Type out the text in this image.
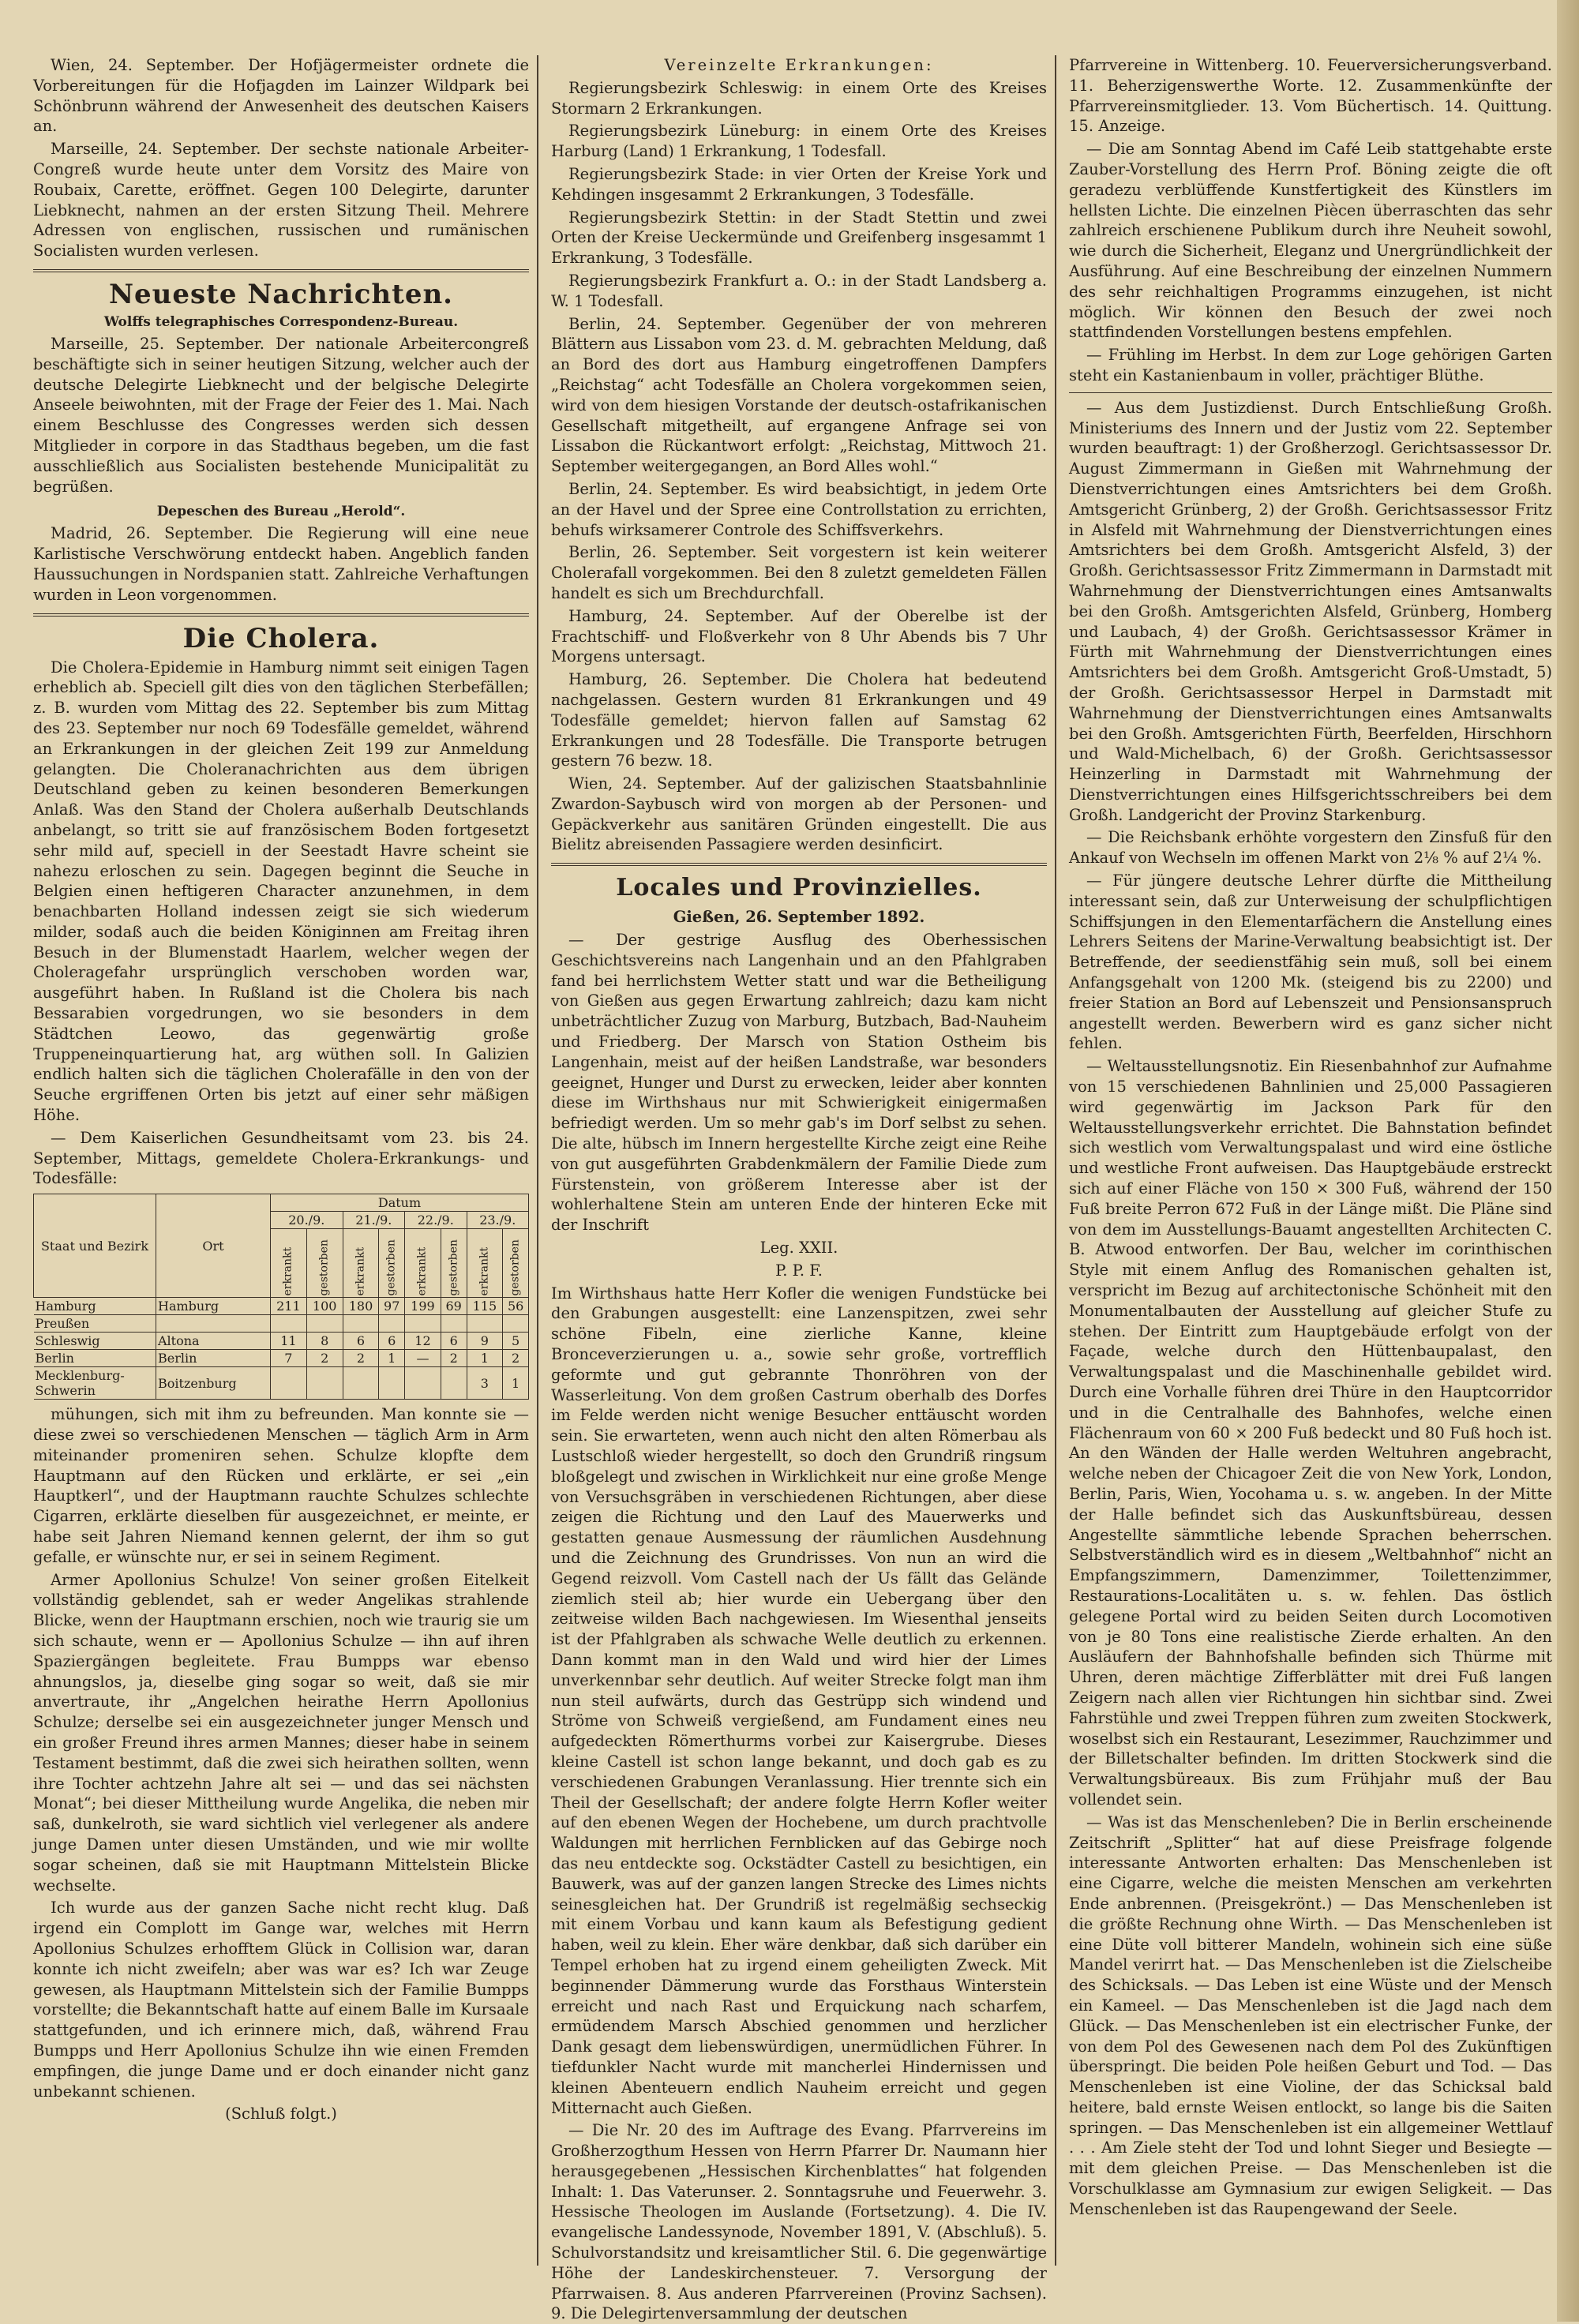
Wien, 24. September. Der Hofjägermeister ordnete die Vorbereitungen für die Hofjagden im Lainzer Wildpark bei Schönbrunn während der Anwesenheit des deutschen Kaisers an.

Marseille, 24. September. Der sechste nationale Arbeiter-Congreß wurde heute unter dem Vorsitz des Maire von Roubaix, Carette, eröffnet. Gegen 100 Delegirte, darunter Liebknecht, nahmen an der ersten Sitzung Theil. Mehrere Adressen von englischen, russischen und rumänischen Socialisten wurden verlesen.

Neueste Nachrichten.
Wolffs telegraphisches Correspondenz-Bureau.

Marseille, 25. September. Der nationale Arbeitercongreß beschäftigte sich in seiner heutigen Sitzung, welcher auch der deutsche Delegirte Liebknecht und der belgische Delegirte Anseele beiwohnten, mit der Frage der Feier des 1. Mai. Nach einem Beschlusse des Congresses werden sich dessen Mitglieder in corpore in das Stadthaus begeben, um die fast ausschließlich aus Socialisten bestehende Municipalität zu begrüßen.

Depeschen des Bureau „Herold“.

Madrid, 26. September. Die Regierung will eine neue Karlistische Verschwörung entdeckt haben. Angeblich fanden Haussuchungen in Nordspanien statt. Zahlreiche Verhaftungen wurden in Leon vorgenommen.

Die Cholera.

Die Cholera-Epidemie in Hamburg nimmt seit einigen Tagen erheblich ab. Speciell gilt dies von den täglichen Sterbefällen; z. B. wurden vom Mittag des 22. September bis zum Mittag des 23. September nur noch 69 Todesfälle gemeldet, während an Erkrankungen in der gleichen Zeit 199 zur Anmeldung gelangten. Die Choleranachrichten aus dem übrigen Deutschland geben zu keinen besonderen Bemerkungen Anlaß. Was den Stand der Cholera außerhalb Deutschlands anbelangt, so tritt sie auf französischem Boden fortgesetzt sehr mild auf, speciell in der Seestadt Havre scheint sie nahezu erloschen zu sein. Dagegen beginnt die Seuche in Belgien einen heftigeren Character anzunehmen, in dem benachbarten Holland indessen zeigt sie sich wiederum milder, sodaß auch die beiden Königinnen am Freitag ihren Besuch in der Blumenstadt Haarlem, welcher wegen der Choleragefahr ursprünglich verschoben worden war, ausgeführt haben. In Rußland ist die Cholera bis nach Bessarabien vorgedrungen, wo sie besonders in dem Städtchen Leowo, das gegenwärtig große Truppeneinquartierung hat, arg wüthen soll. In Galizien endlich halten sich die täglichen Cholerafälle in den von der Seuche ergriffenen Orten bis jetzt auf einer sehr mäßigen Höhe.

— Dem Kaiserlichen Gesundheitsamt vom 23. bis 24. September, Mittags, gemeldete Cholera-Erkrankungs- und Todesfälle:

Staat und Bezirk	Ort	Datum							
		20./9.		21./9.		22./9.		23./9.	
		erkrankt	gestorben	erkrankt	gestorben	erkrankt	gestorben	erkrankt	gestorben
Hamburg	Hamburg	211	100	180	97	199	69	115	56
Preußen									
Schleswig	Altona	11	8	6	6	12	6	9	5
Berlin	Berlin	7	2	2	1	—	2	1	2
Mecklenburg-Schwerin	Boitzenburg							3	1

mühungen, sich mit ihm zu befreunden. Man konnte sie — diese zwei so verschiedenen Menschen — täglich Arm in Arm miteinander promeniren sehen. Schulze klopfte dem Hauptmann auf den Rücken und erklärte, er sei „ein Hauptkerl“, und der Hauptmann rauchte Schulzes schlechte Cigarren, erklärte dieselben für ausgezeichnet, er meinte, er habe seit Jahren Niemand kennen gelernt, der ihm so gut gefalle, er wünschte nur, er sei in seinem Regiment.

Armer Apollonius Schulze! Von seiner großen Eitelkeit vollständig geblendet, sah er weder Angelikas strahlende Blicke, wenn der Hauptmann erschien, noch wie traurig sie um sich schaute, wenn er — Apollonius Schulze — ihn auf ihren Spaziergängen begleitete. Frau Bumpps war ebenso ahnungslos, ja, dieselbe ging sogar so weit, daß sie mir anvertraute, ihr „Angelchen heirathe Herrn Apollonius Schulze; derselbe sei ein ausgezeichneter junger Mensch und ein großer Freund ihres armen Mannes; dieser habe in seinem Testament bestimmt, daß die zwei sich heirathen sollten, wenn ihre Tochter achtzehn Jahre alt sei — und das sei nächsten Monat“; bei dieser Mittheilung wurde Angelika, die neben mir saß, dunkelroth, sie ward sichtlich viel verlegener als andere junge Damen unter diesen Umständen, und wie mir wollte sogar scheinen, daß sie mit Hauptmann Mittelstein Blicke wechselte.

Ich wurde aus der ganzen Sache nicht recht klug. Daß irgend ein Complott im Gange war, welches mit Herrn Apollonius Schulzes erhofftem Glück in Collision war, daran konnte ich nicht zweifeln; aber was war es? Ich war Zeuge gewesen, als Hauptmann Mittelstein sich der Familie Bumpps vorstellte; die Bekanntschaft hatte auf einem Balle im Kursaale stattgefunden, und ich erinnere mich, daß, während Frau Bumpps und Herr Apollonius Schulze ihn wie einen Fremden empfingen, die junge Dame und er doch einander nicht ganz unbekannt schienen.

(Schluß folgt.)

Vereinzelte Erkrankungen:

Regierungsbezirk Schleswig: in einem Orte des Kreises Stormarn 2 Erkrankungen.

Regierungsbezirk Lüneburg: in einem Orte des Kreises Harburg (Land) 1 Erkrankung, 1 Todesfall.

Regierungsbezirk Stade: in vier Orten der Kreise York und Kehdingen insgesammt 2 Erkrankungen, 3 Todesfälle.

Regierungsbezirk Stettin: in der Stadt Stettin und zwei Orten der Kreise Ueckermünde und Greifenberg insgesammt 1 Erkrankung, 3 Todesfälle.

Regierungsbezirk Frankfurt a. O.: in der Stadt Landsberg a. W. 1 Todesfall.

Berlin, 24. September. Gegenüber der von mehreren Blättern aus Lissabon vom 23. d. M. gebrachten Meldung, daß an Bord des dort aus Hamburg eingetroffenen Dampfers „Reichstag“ acht Todesfälle an Cholera vorgekommen seien, wird von dem hiesigen Vorstande der deutsch-ostafrikanischen Gesellschaft mitgetheilt, auf ergangene Anfrage sei von Lissabon die Rückantwort erfolgt: „Reichstag, Mittwoch 21. September weitergegangen, an Bord Alles wohl.“

Berlin, 24. September. Es wird beabsichtigt, in jedem Orte an der Havel und der Spree eine Controllstation zu errichten, behufs wirksamerer Controle des Schiffsverkehrs.

Berlin, 26. September. Seit vorgestern ist kein weiterer Cholerafall vorgekommen. Bei den 8 zuletzt gemeldeten Fällen handelt es sich um Brechdurchfall.

Hamburg, 24. September. Auf der Oberelbe ist der Frachtschiff- und Floßverkehr von 8 Uhr Abends bis 7 Uhr Morgens untersagt.

Hamburg, 26. September. Die Cholera hat bedeutend nachgelassen. Gestern wurden 81 Erkrankungen und 49 Todesfälle gemeldet; hiervon fallen auf Samstag 62 Erkrankungen und 28 Todesfälle. Die Transporte betrugen gestern 76 bezw. 18.

Wien, 24. September. Auf der galizischen Staatsbahnlinie Zwardon-Saybusch wird von morgen ab der Personen- und Gepäckverkehr aus sanitären Gründen eingestellt. Die aus Bielitz abreisenden Passagiere werden desinficirt.

Locales und Provinzielles.

Gießen, 26. September 1892.

— Der gestrige Ausflug des Oberhessischen Geschichtsvereins nach Langenhain und an den Pfahlgraben fand bei herrlichstem Wetter statt und war die Betheiligung von Gießen aus gegen Erwartung zahlreich; dazu kam nicht unbeträchtlicher Zuzug von Marburg, Butzbach, Bad-Nauheim und Friedberg. Der Marsch von Station Ostheim bis Langenhain, meist auf der heißen Landstraße, war besonders geeignet, Hunger und Durst zu erwecken, leider aber konnten diese im Wirthshaus nur mit Schwierigkeit einigermaßen befriedigt werden. Um so mehr gab's im Dorf selbst zu sehen. Die alte, hübsch im Innern hergestellte Kirche zeigt eine Reihe von gut ausgeführten Grabdenkmälern der Familie Diede zum Fürstenstein, von größerem Interesse aber ist der wohlerhaltene Stein am unteren Ende der hinteren Ecke mit der Inschrift

Leg. XXII.

P. P. F.

Im Wirthshaus hatte Herr Kofler die wenigen Fundstücke bei den Grabungen ausgestellt: eine Lanzenspitzen, zwei sehr schöne Fibeln, eine zierliche Kanne, kleine Bronceverzierungen u. a., sowie sehr große, vortrefflich geformte und gut gebrannte Thonröhren von der Wasserleitung. Von dem großen Castrum oberhalb des Dorfes im Felde werden nicht wenige Besucher enttäuscht worden sein. Sie erwarteten, wenn auch nicht den alten Römerbau als Lustschloß wieder hergestellt, so doch den Grundriß ringsum bloßgelegt und zwischen in Wirklichkeit nur eine große Menge von Versuchsgräben in verschiedenen Richtungen, aber diese zeigen die Richtung und den Lauf des Mauerwerks und gestatten genaue Ausmessung der räumlichen Ausdehnung und die Zeichnung des Grundrisses. Von nun an wird die Gegend reizvoll. Vom Castell nach der Us fällt das Gelände ziemlich steil ab; hier wurde ein Uebergang über den zeitweise wilden Bach nachgewiesen. Im Wiesenthal jenseits ist der Pfahlgraben als schwache Welle deutlich zu erkennen. Dann kommt man in den Wald und wird hier der Limes unverkennbar sehr deutlich. Auf weiter Strecke folgt man ihm nun steil aufwärts, durch das Gestrüpp sich windend und Ströme von Schweiß vergießend, am Fundament eines neu aufgedeckten Römerthurms vorbei zur Kaisergrube. Dieses kleine Castell ist schon lange bekannt, und doch gab es zu verschiedenen Grabungen Veranlassung. Hier trennte sich ein Theil der Gesellschaft; der andere folgte Herrn Kofler weiter auf den ebenen Wegen der Hochebene, um durch prachtvolle Waldungen mit herrlichen Fernblicken auf das Gebirge noch das neu entdeckte sog. Ockstädter Castell zu besichtigen, ein Bauwerk, was auf der ganzen langen Strecke des Limes nichts seinesgleichen hat. Der Grundriß ist regelmäßig sechseckig mit einem Vorbau und kann kaum als Befestigung gedient haben, weil zu klein. Eher wäre denkbar, daß sich darüber ein Tempel erhoben hat zu irgend einem geheiligten Zweck. Mit beginnender Dämmerung wurde das Forsthaus Winterstein erreicht und nach Rast und Erquickung nach scharfem, ermüdendem Marsch Abschied genommen und herzlicher Dank gesagt dem liebenswürdigen, unermüdlichen Führer. In tiefdunkler Nacht wurde mit mancherlei Hindernissen und kleinen Abenteuern endlich Nauheim erreicht und gegen Mitternacht auch Gießen.

— Die Nr. 20 des im Auftrage des Evang. Pfarrvereins im Großherzogthum Hessen von Herrn Pfarrer Dr. Naumann hier herausgegebenen „Hessischen Kirchenblattes“ hat folgenden Inhalt: 1. Das Vaterunser. 2. Sonntagsruhe und Feuerwehr. 3. Hessische Theologen im Auslande (Fortsetzung). 4. Die IV. evangelische Landessynode, November 1891, V. (Abschluß). 5. Schulvorstandsitz und kreisamtlicher Stil. 6. Die gegenwärtige Höhe der Landeskirchensteuer. 7. Versorgung der Pfarrwaisen. 8. Aus anderen Pfarrvereinen (Provinz Sachsen). 9. Die Delegirtenversammlung der deutschen

Pfarrvereine in Wittenberg. 10. Feuerversicherungsverband. 11. Beherzigenswerthe Worte. 12. Zusammenkünfte der Pfarrvereinsmitglieder. 13. Vom Büchertisch. 14. Quittung. 15. Anzeige.

— Die am Sonntag Abend im Café Leib stattgehabte erste Zauber-Vorstellung des Herrn Prof. Böning zeigte die oft geradezu verblüffende Kunstfertigkeit des Künstlers im hellsten Lichte. Die einzelnen Piècen überraschten das sehr zahlreich erschienene Publikum durch ihre Neuheit sowohl, wie durch die Sicherheit, Eleganz und Unergründlichkeit der Ausführung. Auf eine Beschreibung der einzelnen Nummern des sehr reichhaltigen Programms einzugehen, ist nicht möglich. Wir können den Besuch der zwei noch stattfindenden Vorstellungen bestens empfehlen.

— Frühling im Herbst. In dem zur Loge gehörigen Garten steht ein Kastanienbaum in voller, prächtiger Blüthe.

— Aus dem Justizdienst. Durch Entschließung Großh. Ministeriums des Innern und der Justiz vom 22. September wurden beauftragt: 1) der Großherzogl. Gerichtsassessor Dr. August Zimmermann in Gießen mit Wahrnehmung der Dienstverrichtungen eines Amtsrichters bei dem Großh. Amtsgericht Grünberg, 2) der Großh. Gerichtsassessor Fritz in Alsfeld mit Wahrnehmung der Dienstverrichtungen eines Amtsrichters bei dem Großh. Amtsgericht Alsfeld, 3) der Großh. Gerichtsassessor Fritz Zimmermann in Darmstadt mit Wahrnehmung der Dienstverrichtungen eines Amtsanwalts bei den Großh. Amtsgerichten Alsfeld, Grünberg, Homberg und Laubach, 4) der Großh. Gerichtsassessor Krämer in Fürth mit Wahrnehmung der Dienstverrichtungen eines Amtsrichters bei dem Großh. Amtsgericht Groß-Umstadt, 5) der Großh. Gerichtsassessor Herpel in Darmstadt mit Wahrnehmung der Dienstverrichtungen eines Amtsanwalts bei den Großh. Amtsgerichten Fürth, Beerfelden, Hirschhorn und Wald-Michelbach, 6) der Großh. Gerichtsassessor Heinzerling in Darmstadt mit Wahrnehmung der Dienstverrichtungen eines Hilfsgerichtsschreibers bei dem Großh. Landgericht der Provinz Starkenburg.

— Die Reichsbank erhöhte vorgestern den Zinsfuß für den Ankauf von Wechseln im offenen Markt von 2⅛ % auf 2¼ %.

— Für jüngere deutsche Lehrer dürfte die Mittheilung interessant sein, daß zur Unterweisung der schulpflichtigen Schiffsjungen in den Elementarfächern die Anstellung eines Lehrers Seitens der Marine-Verwaltung beabsichtigt ist. Der Betreffende, der seedienstfähig sein muß, soll bei einem Anfangsgehalt von 1200 Mk. (steigend bis zu 2200) und freier Station an Bord auf Lebenszeit und Pensionsanspruch angestellt werden. Bewerbern wird es ganz sicher nicht fehlen.

— Weltausstellungsnotiz. Ein Riesenbahnhof zur Aufnahme von 15 verschiedenen Bahnlinien und 25,000 Passagieren wird gegenwärtig im Jackson Park für den Weltausstellungsverkehr errichtet. Die Bahnstation befindet sich westlich vom Verwaltungspalast und wird eine östliche und westliche Front aufweisen. Das Hauptgebäude erstreckt sich auf einer Fläche von 150 × 300 Fuß, während der 150 Fuß breite Perron 672 Fuß in der Länge mißt. Die Pläne sind von dem im Ausstellungs-Bauamt angestellten Architecten C. B. Atwood entworfen. Der Bau, welcher im corinthischen Style mit einem Anflug des Romanischen gehalten ist, verspricht im Bezug auf architectonische Schönheit mit den Monumentalbauten der Ausstellung auf gleicher Stufe zu stehen. Der Eintritt zum Hauptgebäude erfolgt von der Façade, welche durch den Hüttenbaupalast, den Verwaltungspalast und die Maschinenhalle gebildet wird. Durch eine Vorhalle führen drei Thüre in den Hauptcorridor und in die Centralhalle des Bahnhofes, welche einen Flächenraum von 60 × 200 Fuß bedeckt und 80 Fuß hoch ist. An den Wänden der Halle werden Weltuhren angebracht, welche neben der Chicagoer Zeit die von New York, London, Berlin, Paris, Wien, Yocohama u. s. w. angeben. In der Mitte der Halle befindet sich das Auskunftsbüreau, dessen Angestellte sämmtliche lebende Sprachen beherrschen. Selbstverständlich wird es in diesem „Weltbahnhof“ nicht an Empfangszimmern, Damenzimmer, Toilettenzimmer, Restaurations-Localitäten u. s. w. fehlen. Das östlich gelegene Portal wird zu beiden Seiten durch Locomotiven von je 80 Tons eine realistische Zierde erhalten. An den Ausläufern der Bahnhofshalle befinden sich Thürme mit Uhren, deren mächtige Zifferblätter mit drei Fuß langen Zeigern nach allen vier Richtungen hin sichtbar sind. Zwei Fahrstühle und zwei Treppen führen zum zweiten Stockwerk, woselbst sich ein Restaurant, Lesezimmer, Rauchzimmer und der Billetschalter befinden. Im dritten Stockwerk sind die Verwaltungsbüreaux. Bis zum Frühjahr muß der Bau vollendet sein.

— Was ist das Menschenleben? Die in Berlin erscheinende Zeitschrift „Splitter“ hat auf diese Preisfrage folgende interessante Antworten erhalten: Das Menschenleben ist eine Cigarre, welche die meisten Menschen am verkehrten Ende anbrennen. (Preisgekrönt.) — Das Menschenleben ist die größte Rechnung ohne Wirth. — Das Menschenleben ist eine Düte voll bitterer Mandeln, wohinein sich eine süße Mandel verirrt hat. — Das Menschenleben ist die Zielscheibe des Schicksals. — Das Leben ist eine Wüste und der Mensch ein Kameel. — Das Menschenleben ist die Jagd nach dem Glück. — Das Menschenleben ist ein electrischer Funke, der von dem Pol des Gewesenen nach dem Pol des Zukünftigen überspringt. Die beiden Pole heißen Geburt und Tod. — Das Menschenleben ist eine Violine, der das Schicksal bald heitere, bald ernste Weisen entlockt, so lange bis die Saiten springen. — Das Menschenleben ist ein allgemeiner Wettlauf . . . Am Ziele steht der Tod und lohnt Sieger und Besiegte — mit dem gleichen Preise. — Das Menschenleben ist die Vorschulklasse am Gymnasium zur ewigen Seligkeit. — Das Menschenleben ist das Raupengewand der Seele.
